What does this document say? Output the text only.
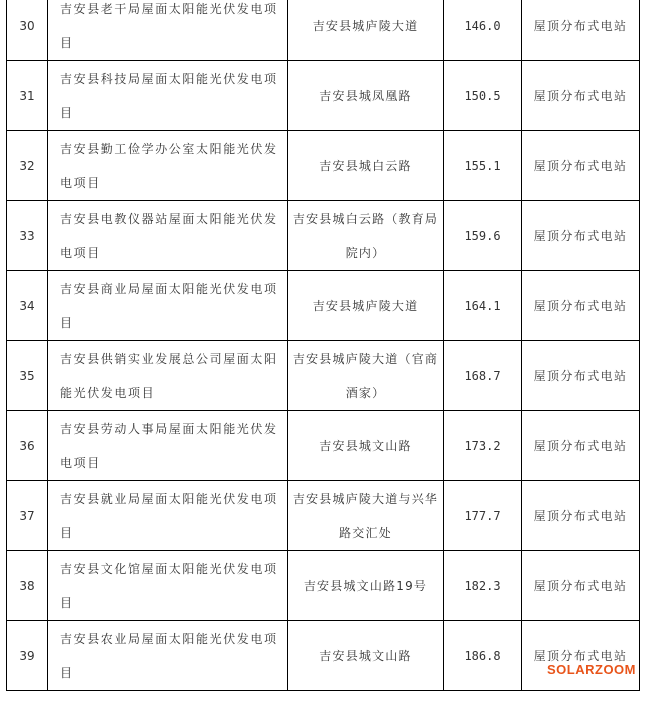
30	吉安县老干局屋面太阳能光伏发电项目	吉安县城庐陵大道	146.0	屋顶分布式电站
31	吉安县科技局屋面太阳能光伏发电项目	吉安县城凤凰路	150.5	屋顶分布式电站
32	吉安县勤工俭学办公室太阳能光伏发电项目	吉安县城白云路	155.1	屋顶分布式电站
33	吉安县电教仪器站屋面太阳能光伏发电项目	吉安县城白云路（教育局院内）	159.6	屋顶分布式电站
34	吉安县商业局屋面太阳能光伏发电项目	吉安县城庐陵大道	164.1	屋顶分布式电站
35	吉安县供销实业发展总公司屋面太阳能光伏发电项目	吉安县城庐陵大道（官商酒家）	168.7	屋顶分布式电站
36	吉安县劳动人事局屋面太阳能光伏发电项目	吉安县城文山路	173.2	屋顶分布式电站
37	吉安县就业局屋面太阳能光伏发电项目	吉安县城庐陵大道与兴华路交汇处	177.7	屋顶分布式电站
38	吉安县文化馆屋面太阳能光伏发电项目	吉安县城文山路19号	182.3	屋顶分布式电站
39	吉安县农业局屋面太阳能光伏发电项目	吉安县城文山路	186.8	屋顶分布式电站
SOLARZOOM
